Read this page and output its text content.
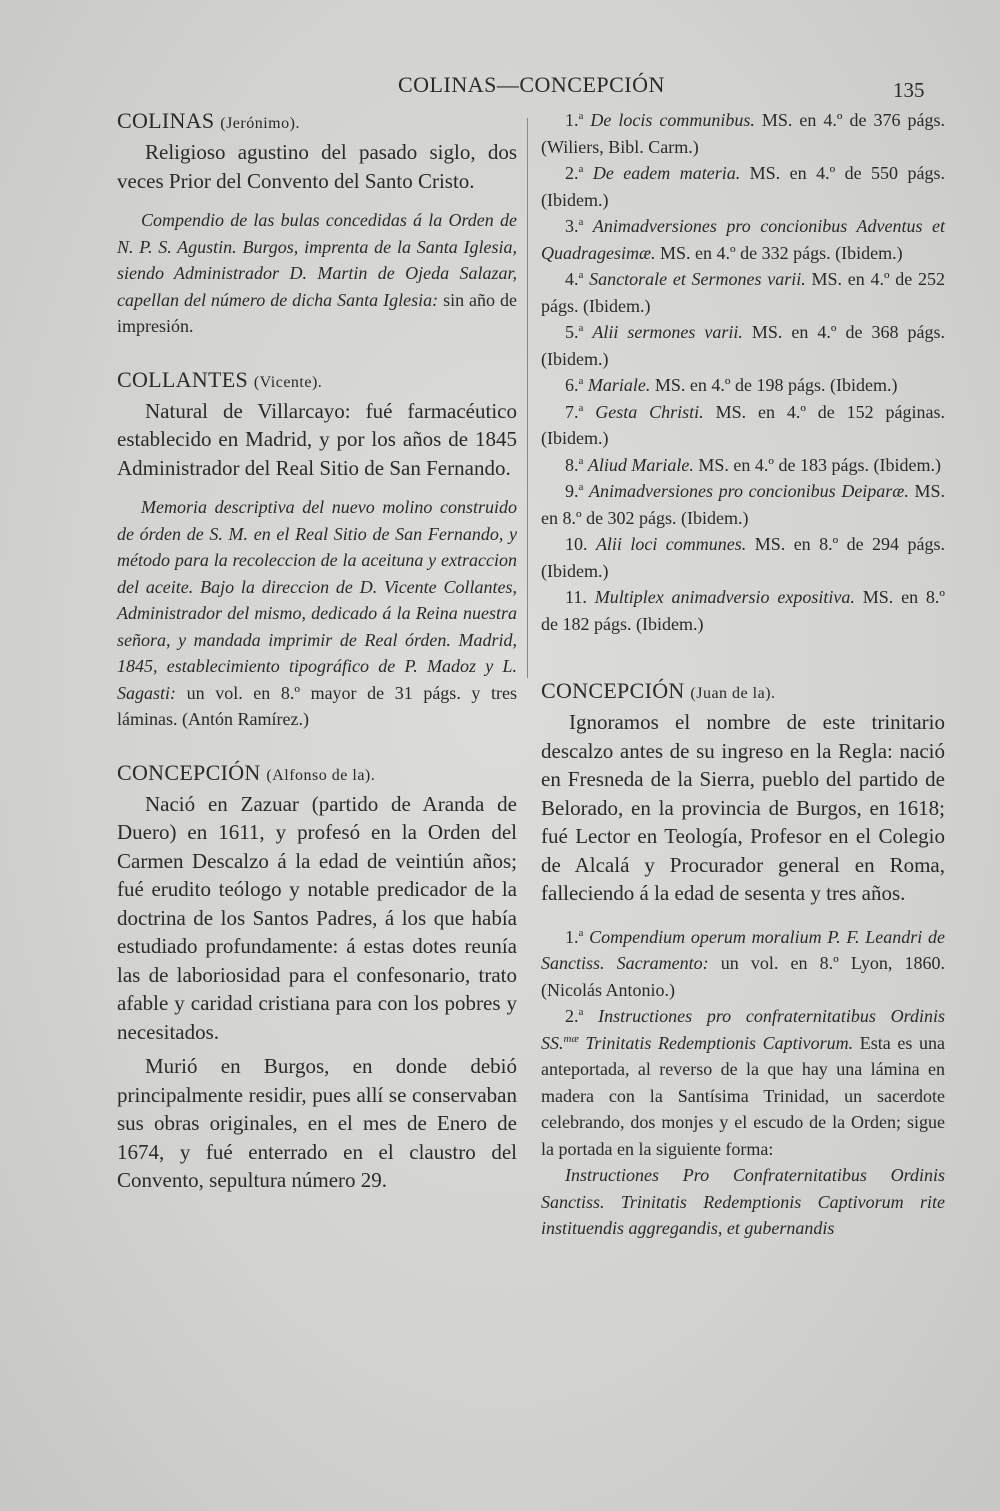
COLINAS—CONCEPCIÓN	135
COLINAS (Jerónimo).

Religioso agustino del pasado siglo, dos veces Prior del Convento del Santo Cristo.

Compendio de las bulas concedidas á la Orden de N. P. S. Agustin. Burgos, imprenta de la Santa Iglesia, siendo Administrador D. Martin de Ojeda Salazar, capellan del número de dicha Santa Iglesia: sin año de impresión.

COLLANTES (Vicente).

Natural de Villarcayo: fué farmacéutico establecido en Madrid, y por los años de 1845 Administrador del Real Sitio de San Fernando.

Memoria descriptiva del nuevo molino construido de órden de S. M. en el Real Sitio de San Fernando, y método para la recoleccion de la aceituna y extraccion del aceite. Bajo la direccion de D. Vicente Collantes, Administrador del mismo, dedicado á la Reina nuestra señora, y mandada imprimir de Real órden. Madrid, 1845, establecimiento tipográfico de P. Madoz y L. Sagasti: un vol. en 8.º mayor de 31 págs. y tres láminas. (Antón Ramírez.)

CONCEPCIÓN (Alfonso de la).

Nació en Zazuar (partido de Aranda de Duero) en 1611, y profesó en la Orden del Carmen Descalzo á la edad de veintiún años; fué erudito teólogo y notable predicador de la doctrina de los Santos Padres, á los que había estudiado profundamente: á estas dotes reunía las de laboriosidad para el confesonario, trato afable y caridad cristiana para con los pobres y necesitados.

Murió en Burgos, en donde debió principalmente residir, pues allí se conservaban sus obras originales, en el mes de Enero de 1674, y fué enterrado en el claustro del Convento, sepultura número 29.

1.$^a$ De locis communibus. MS. en 4.º de 376 págs. (Wiliers, Bibl. Carm.)

2.$^a$ De eadem materia. MS. en 4.º de 550 págs. (Ibidem.)

3.$^a$ Animadversiones pro concionibus Adventus et Quadragesimæ. MS. en 4.º de 332 págs. (Ibidem.)

4.$^a$ Sanctorale et Sermones varii. MS. en 4.º de 252 págs. (Ibidem.)

5.$^a$ Alii sermones varii. MS. en 4.º de 368 págs. (Ibidem.)

6.$^a$ Mariale. MS. en 4.º de 198 págs. (Ibidem.)

7.$^a$ Gesta Christi. MS. en 4.º de 152 páginas. (Ibidem.)

8.$^a$ Aliud Mariale. MS. en 4.º de 183 págs. (Ibidem.)

9.$^a$ Animadversiones pro concionibus Deiparæ. MS. en 8.º de 302 págs. (Ibidem.)

10. Alii loci communes. MS. en 8.º de 294 págs. (Ibidem.)

11. Multiplex animadversio expositiva. MS. en 8.º de 182 págs. (Ibidem.)

CONCEPCIÓN (Juan de la).

Ignoramos el nombre de este trinitario descalzo antes de su ingreso en la Regla: nació en Fresneda de la Sierra, pueblo del partido de Belorado, en la provincia de Burgos, en 1618; fué Lector en Teología, Profesor en el Colegio de Alcalá y Procurador general en Roma, falleciendo á la edad de sesenta y tres años.

1.$^a$ Compendium operum moralium P. F. Leandri de Sanctiss. Sacramento: un vol. en 8.º Lyon, 1860. (Nicolás Antonio.)

2.$^a$ Instructiones pro confraternitatibus Ordinis SS.$^{mæ}$ Trinitatis Redemptionis Captivorum. Esta es una anteportada, al reverso de la que hay una lámina en madera con la Santísima Trinidad, un sacerdote celebrando, dos monjes y el escudo de la Orden; sigue la portada en la siguiente forma:

Instructiones Pro Confraternitatibus Ordinis Sanctiss. Trinitatis Redemptionis Captivorum rite instituendis aggregandis, et gubernandis
